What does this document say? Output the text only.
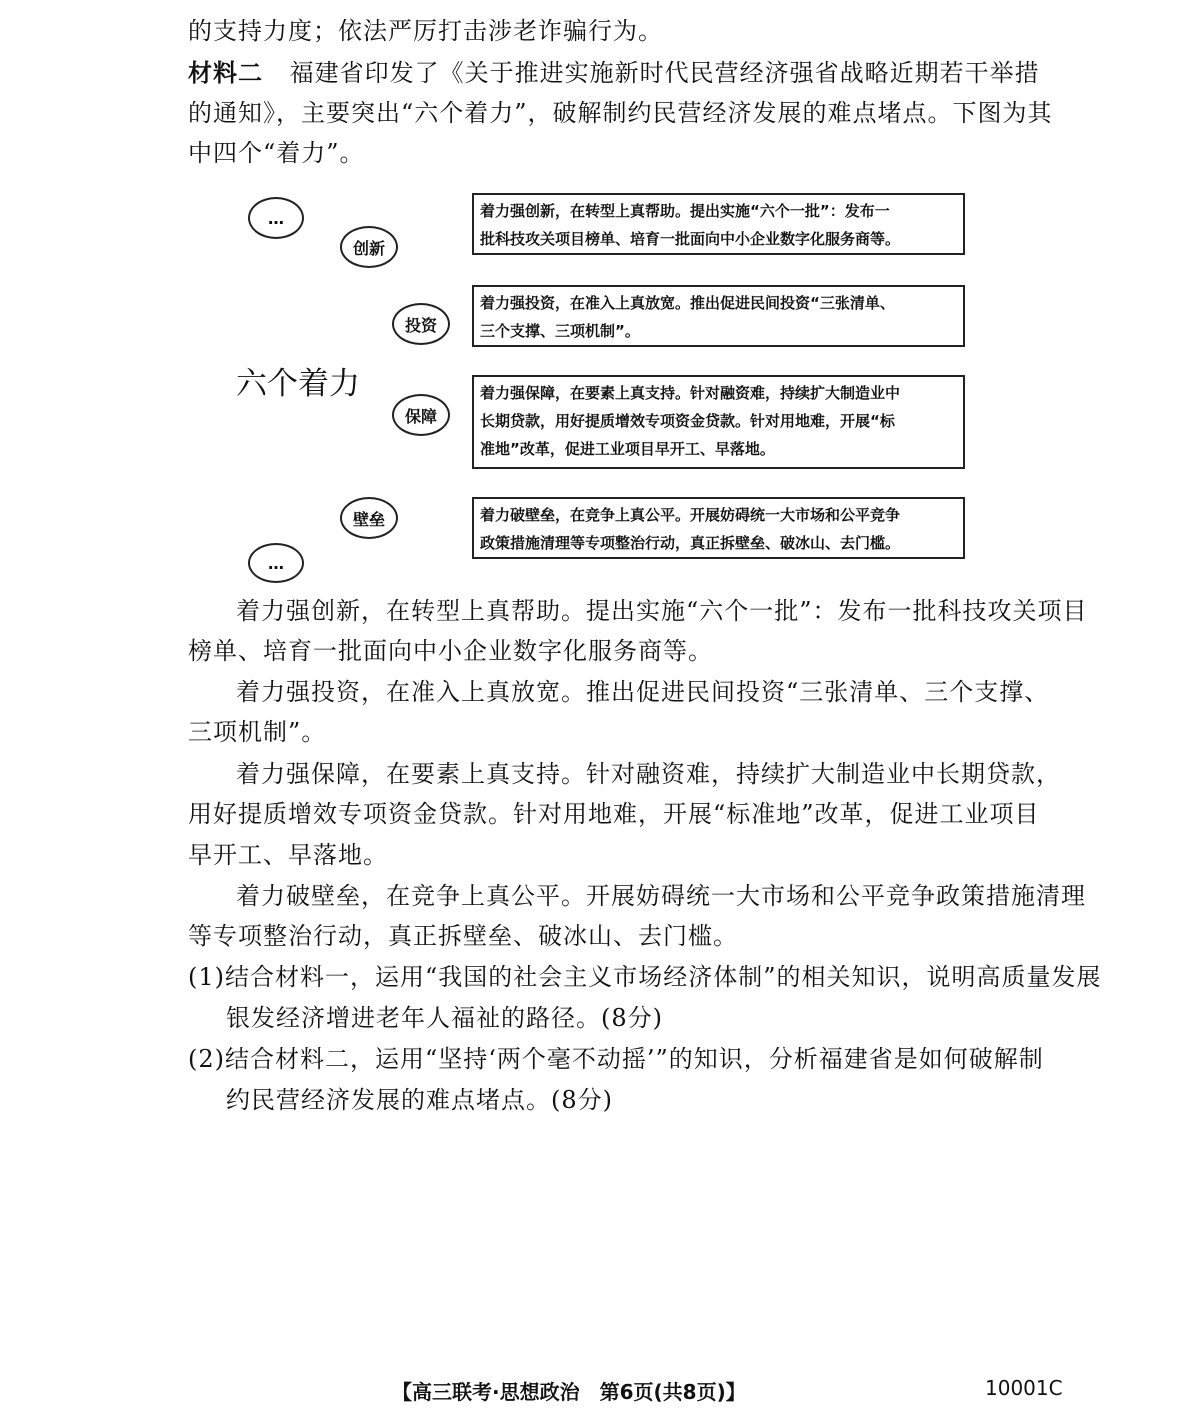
的支持力度；依法严厉打击涉老诈骗行为。
材料二 福建省印发了《关于推进实施新时代民营经济强省战略近期若干举措
的通知》，主要突出“六个着力”，破解制约民营经济发展的难点堵点。下图为其
中四个“着力”。
…
创新
着力强创新，在转型上真帮助。提出实施“六个一批”：发布一
批科技攻关项目榜单、培育一批面向中小企业数字化服务商等。
投资
着力强投资，在准入上真放宽。推出促进民间投资“三张清单、
三个支撑、三项机制”。
六个着力
保障
着力强保障，在要素上真支持。针对融资难，持续扩大制造业中
长期贷款，用好提质增效专项资金贷款。针对用地难，开展“标
准地”改革，促进工业项目早开工、早落地。
壁垒	着力破壁垒，在竞争上真公平。开展妨碍统一大市场和公平竞争
政策措施清理等专项整治行动，真正拆壁垒、破冰山、去门槛。
…
着力强创新，在转型上真帮助。提出实施“六个一批”：发布一批科技攻关项目
榜单、培育一批面向中小企业数字化服务商等。
着力强投资，在准入上真放宽。推出促进民间投资“三张清单、三个支撑、
三项机制”。
着力强保障，在要素上真支持。针对融资难，持续扩大制造业中长期贷款，
用好提质增效专项资金贷款。针对用地难，开展“标准地”改革，促进工业项目
早开工、早落地。
着力破壁垒，在竞争上真公平。开展妨碍统一大市场和公平竞争政策措施清理
等专项整治行动，真正拆壁垒、破冰山、去门槛。
(1)结合材料一，运用“我国的社会主义市场经济体制”的相关知识，说明高质量发展
银发经济增进老年人福祉的路径。(8分)
(2)结合材料二，运用“坚持‘两个毫不动摇’”的知识，分析福建省是如何破解制
约民营经济发展的难点堵点。(8分)
【高三联考·思想政治　第6页(共8页)】	10001C
